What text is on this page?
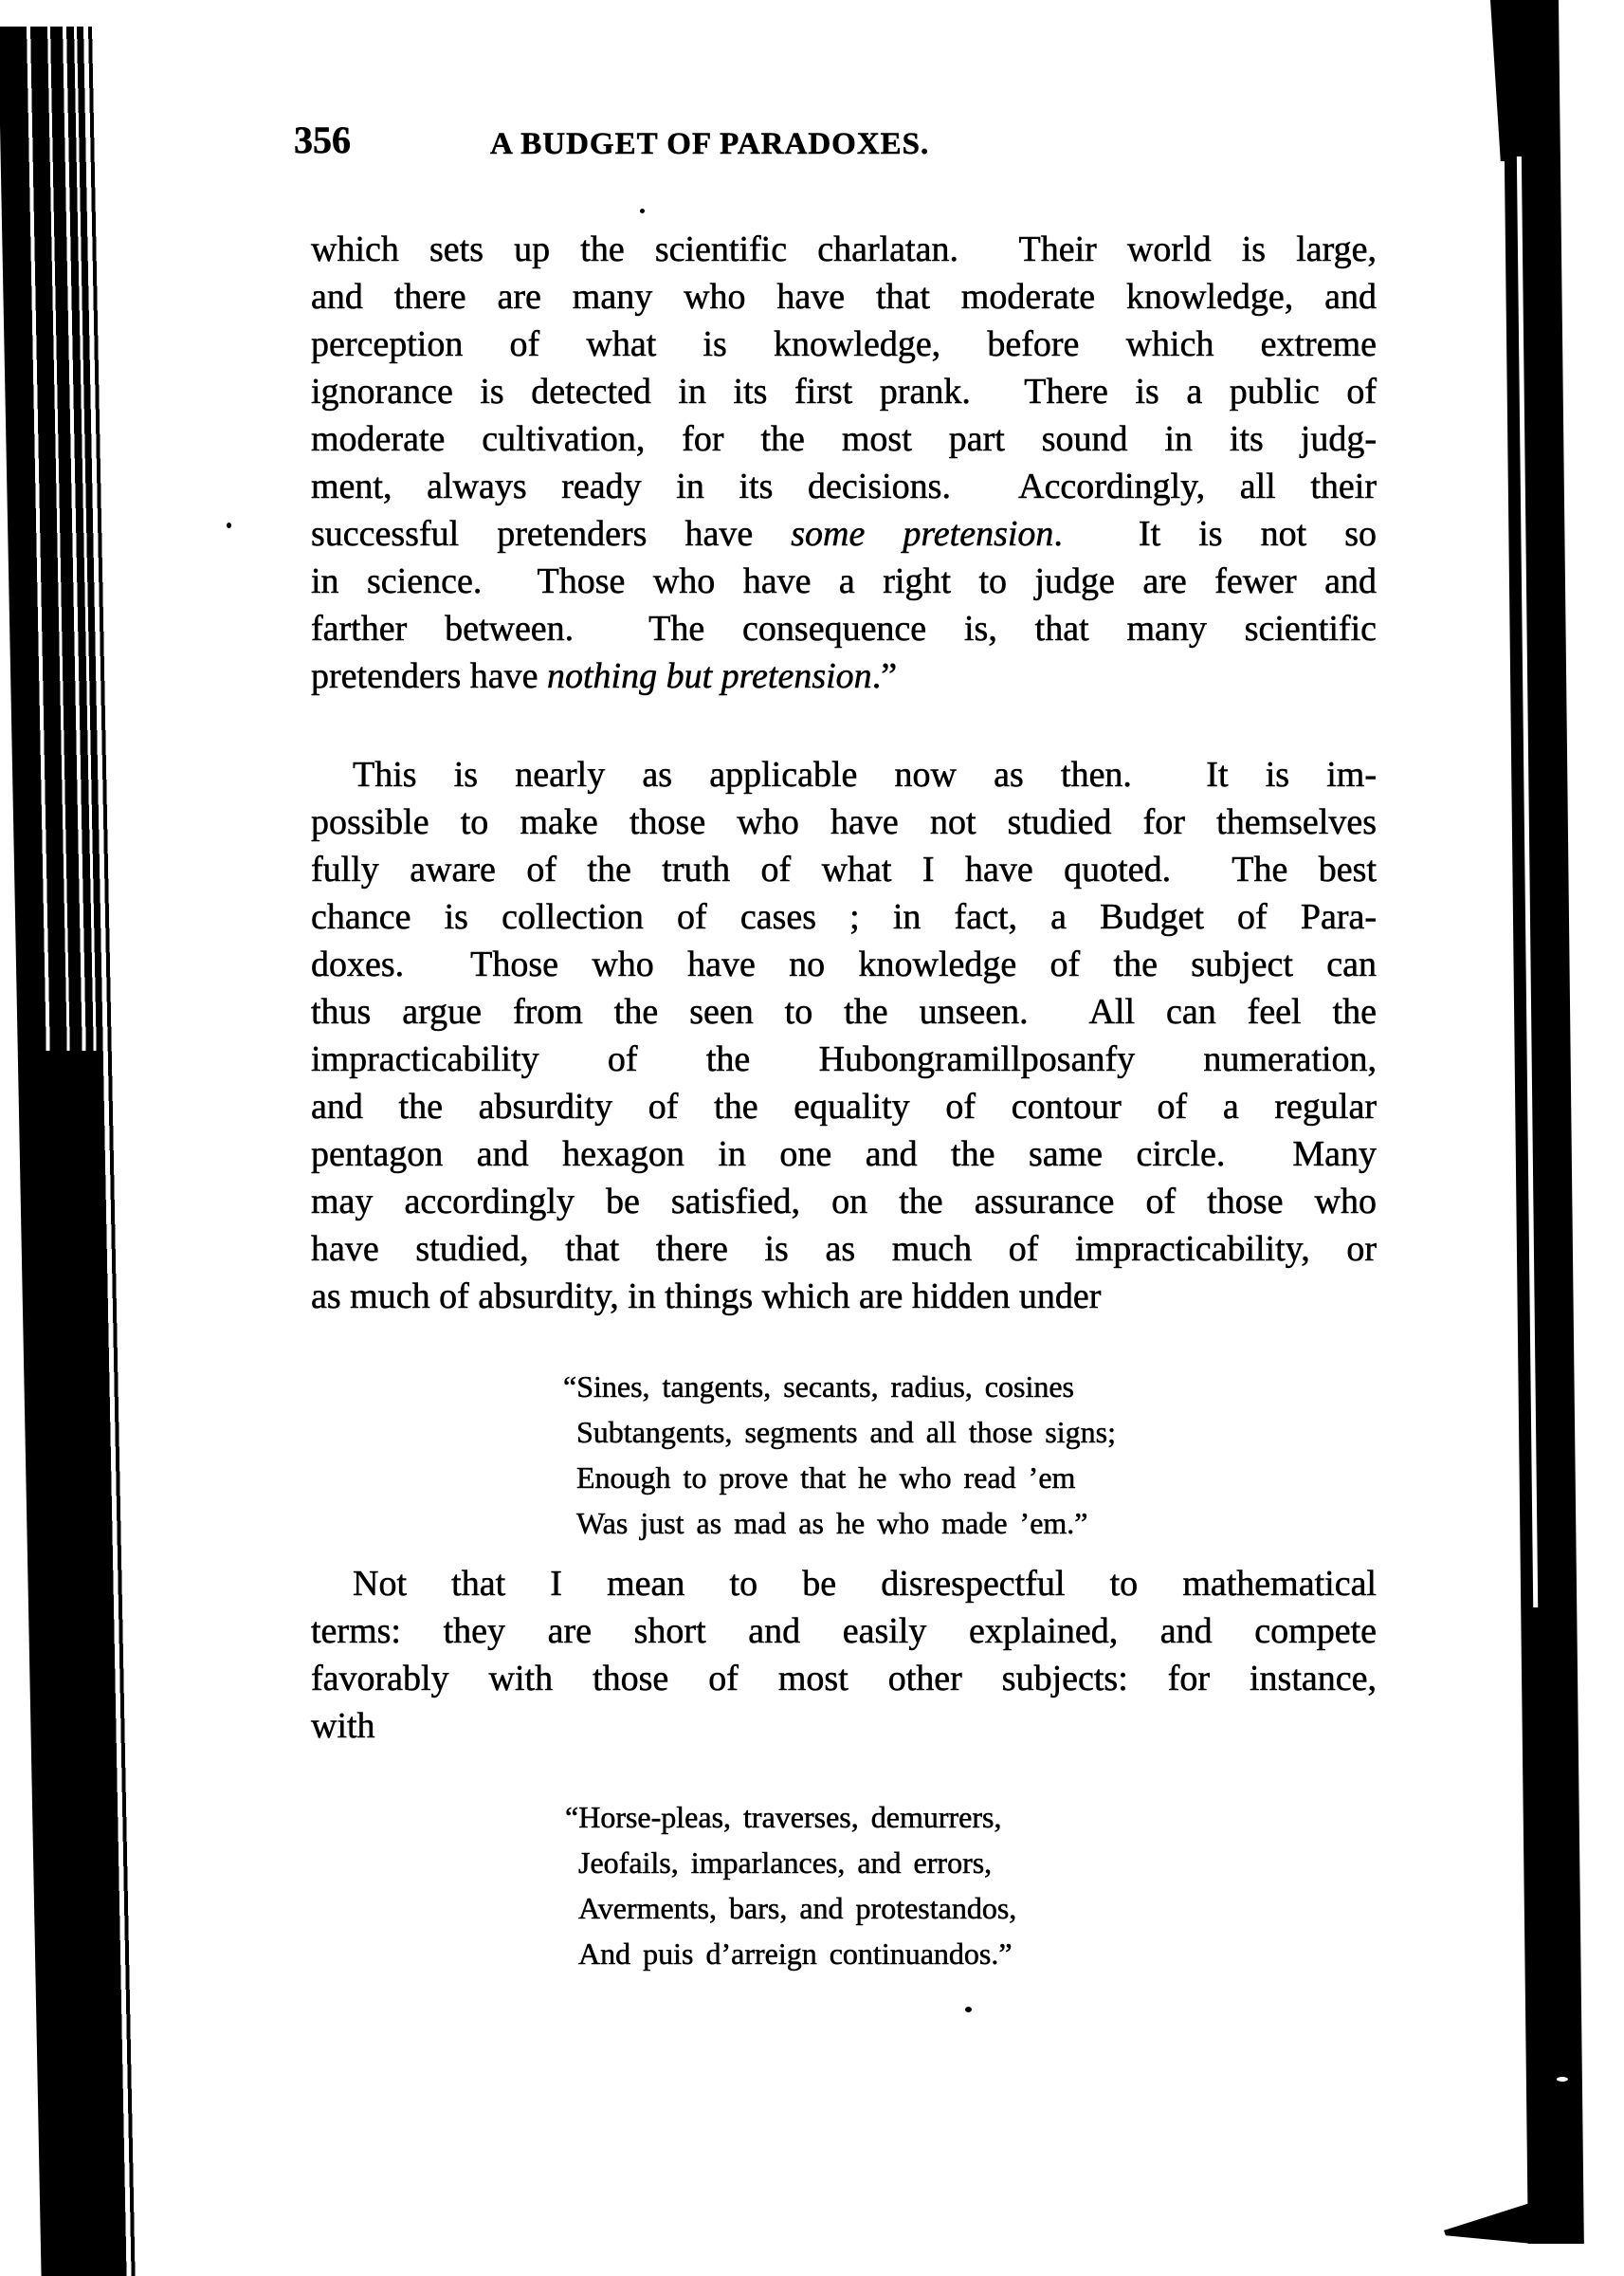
356	A BUDGET OF PARADOXES.
which sets up the scientific charlatan.  Their world is large,
and there are many who have that moderate knowledge, and
perception of what is knowledge, before which extreme
ignorance is detected in its first prank.  There is a public of
moderate cultivation, for the most part sound in its judg-
ment, always ready in its decisions.  Accordingly, all their
successful pretenders have some pretension.  It is not so
in science.  Those who have a right to judge are fewer and
farther between.  The consequence is, that many scientific
pretenders have nothing but pretension.”
This is nearly as applicable now as then.  It is im-
possible to make those who have not studied for themselves
fully aware of the truth of what I have quoted.  The best
chance is collection of cases ; in fact, a Budget of Para-
doxes.  Those who have no knowledge of the subject can
thus argue from the seen to the unseen.  All can feel the
impracticability of the Hubongramillposanfy numeration,
and the absurdity of the equality of contour of a regular
pentagon and hexagon in one and the same circle.  Many
may accordingly be satisfied, on the assurance of those who
have studied, that there is as much of impracticability, or
as much of absurdity, in things which are hidden under
“Sines, tangents, secants, radius, cosines
Subtangents, segments and all those signs;
Enough to prove that he who read ’em
Was just as mad as he who made ’em.”
Not that I mean to be disrespectful to mathematical
terms: they are short and easily explained, and compete
favorably with those of most other subjects: for instance,
with
“Horse-pleas, traverses, demurrers,
Jeofails, imparlances, and errors,
Averments, bars, and protestandos,
And puis d’arreign continuandos.”
